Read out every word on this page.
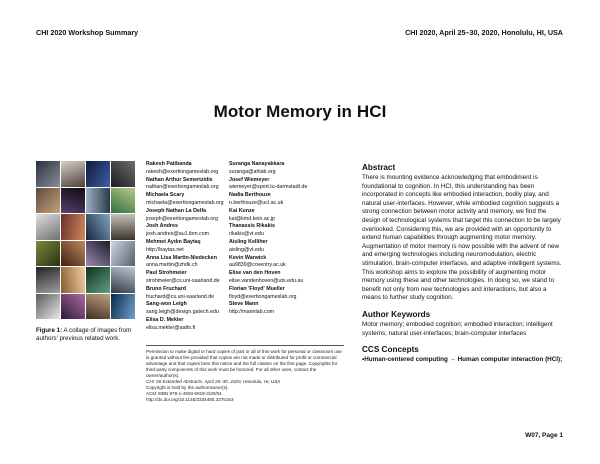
CHI 2020 Workshop Summary	CHI 2020, April 25–30, 2020, Honolulu, HI, USA
Motor Memory in HCI
Figure 1: A collage of images from authors' previous related work.
Rakesh Patibanda
rakesh@exertiongameslab.org
Nathan Arthur Semertzidis
nathan@exertiongameslab.org
Michaela Scary
michaela@exertiongameslab.org
Joseph Nathan La Delfa
joseph@exertiongameslab.org
Josh Andres
josh.andres@au1.ibm.com
Mehmet Aydın Baytaş
http://baytas.net
Anna Lisa Martin-Niedecken
anna.martin@zhdk.ch
Paul Strohmeier
strohmeier@cs.uni-saarland.de
Bruno Fruchard
fruchard@cs.uni-saarland.de
Sang-won Leigh
sang.leigh@design.gatech.edu
Elisa D. Mekler
elisa.mekler@aalto.fi
Suranga Nanayakkara
suranga@ahlab.org
Josef Wiemeyer
wiemeyer@sport.tu-darmstadt.de
Nadia Berthouze
n.berthouze@ucl.ac.uk
Kai Kunze
kai@kmd.keio.ac.jp
Thanassis Rikakis
rikakis@vt.edu
Aisling Kelliher
aisling@vt.edu
Kevin Warwick
aa9839@coventry.ac.uk
Elise van den Hoven
elise.vandenhoven@uts.edu.au
Florian 'Floyd' Mueller
floyd@exertiongameslab.org
Steve Mann
http://mannlab.com
Permission to make digital or hard copies of part or all of this work for personal or classroom use is granted without fee provided that copies are not made or distributed for profit or commercial advantage and that copies bear this notice and the full citation on the first page. Copyrights for third-party components of this work must be honored. For all other uses, contact the owner/author(s).
CHI '20 Extended Abstracts, April 25–30, 2020, Honolulu, HI, USA
Copyright is held by the author/owner(s).
ACM ISBN 978-1-4503-6819-3/20/04.
http://dx.doi.org/10.1145/3334480.3375163
Abstract

There is mounting evidence acknowledging that embodiment is foundational to cognition. In HCI, this understanding has been incorporated in concepts like embodied interaction, bodily play, and natural user-interfaces. However, while embodied cognition suggests a strong connection between motor activity and memory, we find the design of technological systems that target this connection to be largely overlooked. Considering this, we are provided with an opportunity to extend human capabilities through augmenting motor memory. Augmentation of motor memory is now possible with the advent of new and emerging technologies including neuromodulation, electric stimulation, brain-computer interfaces, and adaptive intelligent systems. This workshop aims to explore the possibility of augmenting motor memory using these and other technologies. In doing so, we stand to benefit not only from new technologies and interactions, but also a means to further study cognition.

Author Keywords

Motor memory; embodied cognition; embodied interaction; intelligent systems; natural user-interfaces; brain-computer interfaces

CCS Concepts

•Human-centered computing → Human computer interaction (HCI);

W07, Page 1
